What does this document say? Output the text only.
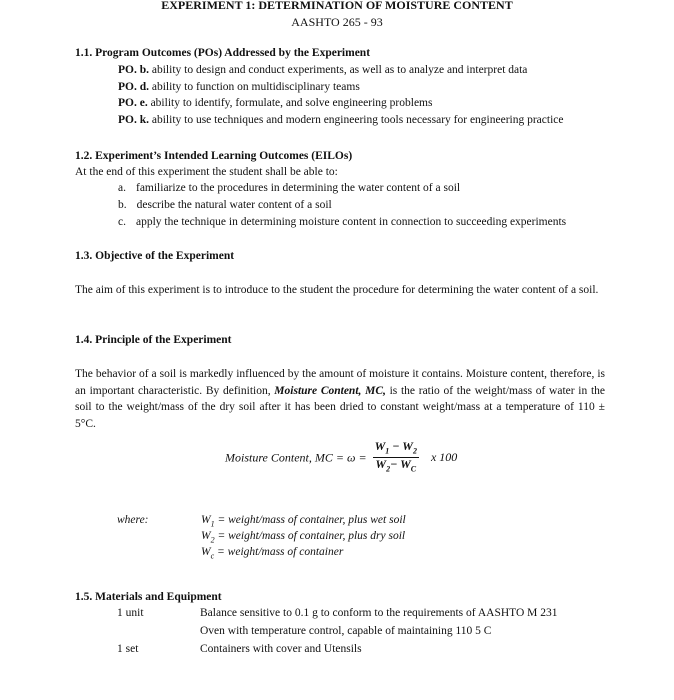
EXPERIMENT 1: DETERMINATION OF MOISTURE CONTENT
AASHTO 265 - 93
1.1. Program Outcomes (POs) Addressed by the Experiment
PO. b. ability to design and conduct experiments, as well as to analyze and interpret data
PO. d. ability to function on multidisciplinary teams
PO. e. ability to identify, formulate, and solve engineering problems
PO. k. ability to use techniques and modern engineering tools necessary for engineering practice
1.2. Experiment’s Intended Learning Outcomes (EILOs)
At the end of this experiment the student shall be able to:
a. familiarize to the procedures in determining the water content of a soil
b. describe the natural water content of a soil
c. apply the technique in determining moisture content in connection to succeeding experiments
1.3. Objective of the Experiment
The aim of this experiment is to introduce to the student the procedure for determining the water content of a soil.
1.4. Principle of the Experiment
The behavior of a soil is markedly influenced by the amount of moisture it contains. Moisture content, therefore, is an important characteristic. By definition, Moisture Content, MC, is the ratio of the weight/mass of water in the soil to the weight/mass of the dry soil after it has been dried to constant weight/mass at a temperature of 110 ± 5°C.
Moisture Content, MC = $\omega = \frac{W_1 - W_2}{W_2- W_C}$ x 100
where:	$W_1$ = weight/mass of container, plus wet soil
$W_2$ = weight/mass of container, plus dry soil
$W_c$ = weight/mass of container
1.5. Materials and Equipment
1 unit	Balance sensitive to 0.1 g to conform to the requirements of AASHTO M 231
Oven with temperature control, capable of maintaining 110 5 C
1 set	Containers with cover and Utensils
